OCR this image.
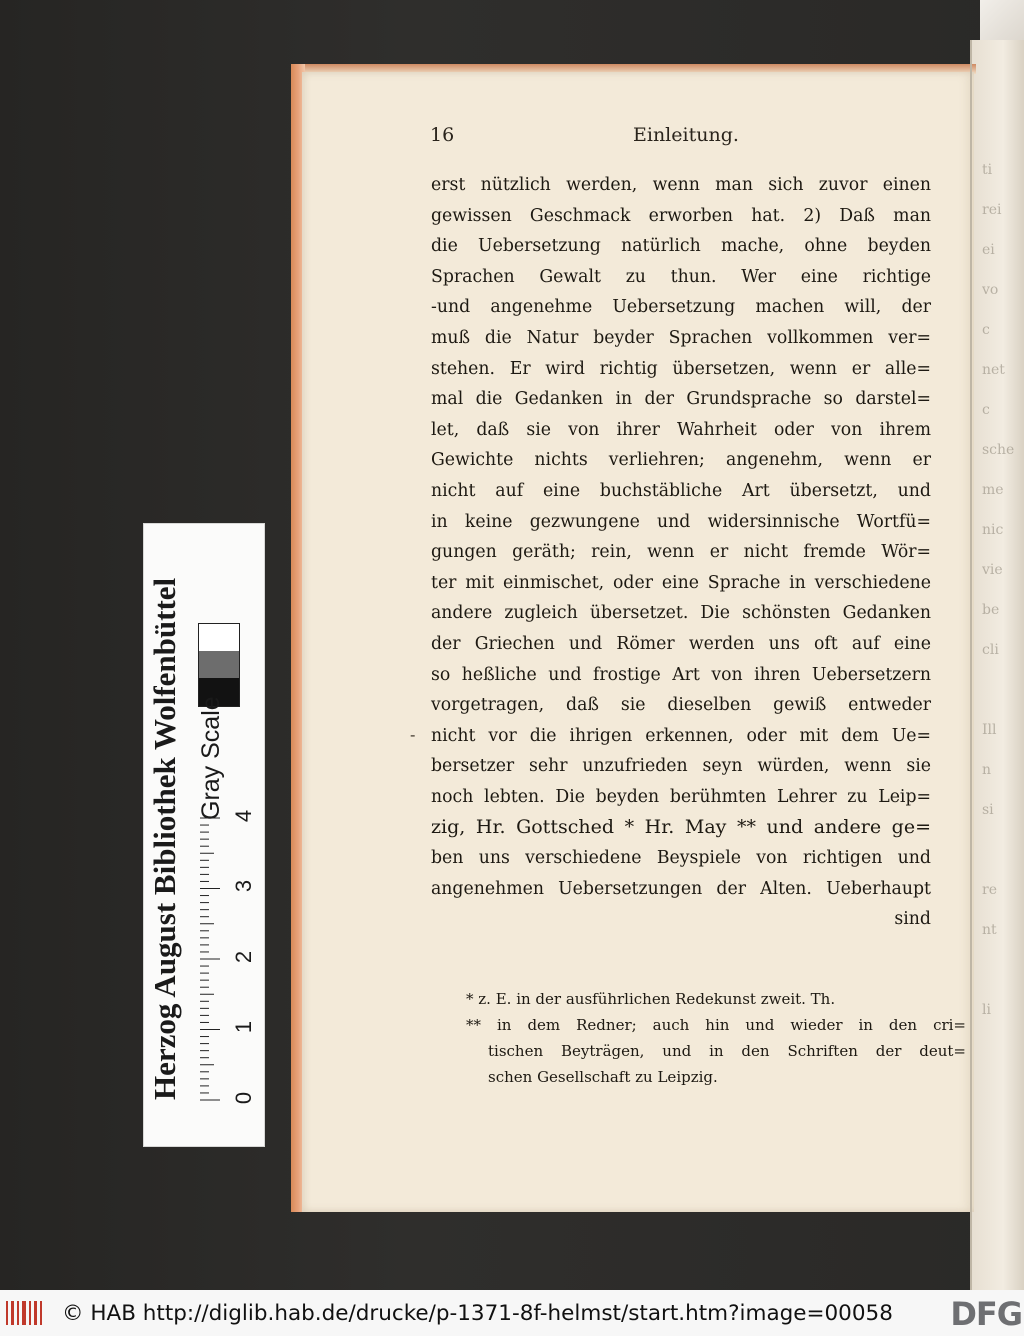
ti
rei
ei
vo
c
net
c
sche
me
nic
vie
be
cli

Ill
n
si

re
nt

li
16	Einleitung.
-
erst nützlich werden, wenn man sich zuvor einen
gewissen Geschmack erworben hat. 2) Daß man
die Uebersetzung natürlich mache, ohne beyden
Sprachen Gewalt zu thun. Wer eine richtige
-und angenehme Uebersetzung machen will, der
muß die Natur beyder Sprachen vollkommen ver=
stehen. Er wird richtig übersetzen, wenn er alle=
mal die Gedanken in der Grundsprache so darstel=
let, daß sie von ihrer Wahrheit oder von ihrem
Gewichte nichts verliehren; angenehm, wenn er
nicht auf eine buchstäbliche Art übersetzt, und
in keine gezwungene und widersinnische Wortfü=
gungen geräth; rein, wenn er nicht fremde Wör=
ter mit einmischet, oder eine Sprache in verschiedene
andere zugleich übersetzet. Die schönsten Gedanken
der Griechen und Römer werden uns oft auf eine
so heßliche und frostige Art von ihren Uebersetzern
vorgetragen, daß sie dieselben gewiß entweder
nicht vor die ihrigen erkennen, oder mit dem Ue=
bersetzer sehr unzufrieden seyn würden, wenn sie
noch lebten. Die beyden berühmten Lehrer zu Leip=
zig, Hr. Gottsched * Hr. May ** und andere ge=
ben uns verschiedene Beyspiele von richtigen und
angenehmen Uebersetzungen der Alten. Ueberhaupt
sind
* z. E. in der ausführlichen Redekunst zweit. Th.
** in dem Redner; auch hin und wieder in den cri=
tischen Beyträgen, und in den Schriften der deut=
schen Gesellschaft zu Leipzig.
Herzog August Bibliothek Wolfenbüttel Gray Scale
0
1
2
3
4
© HAB http://diglib.hab.de/drucke/p-1371-8f-helmst/start.htm?image=00058	DFG
